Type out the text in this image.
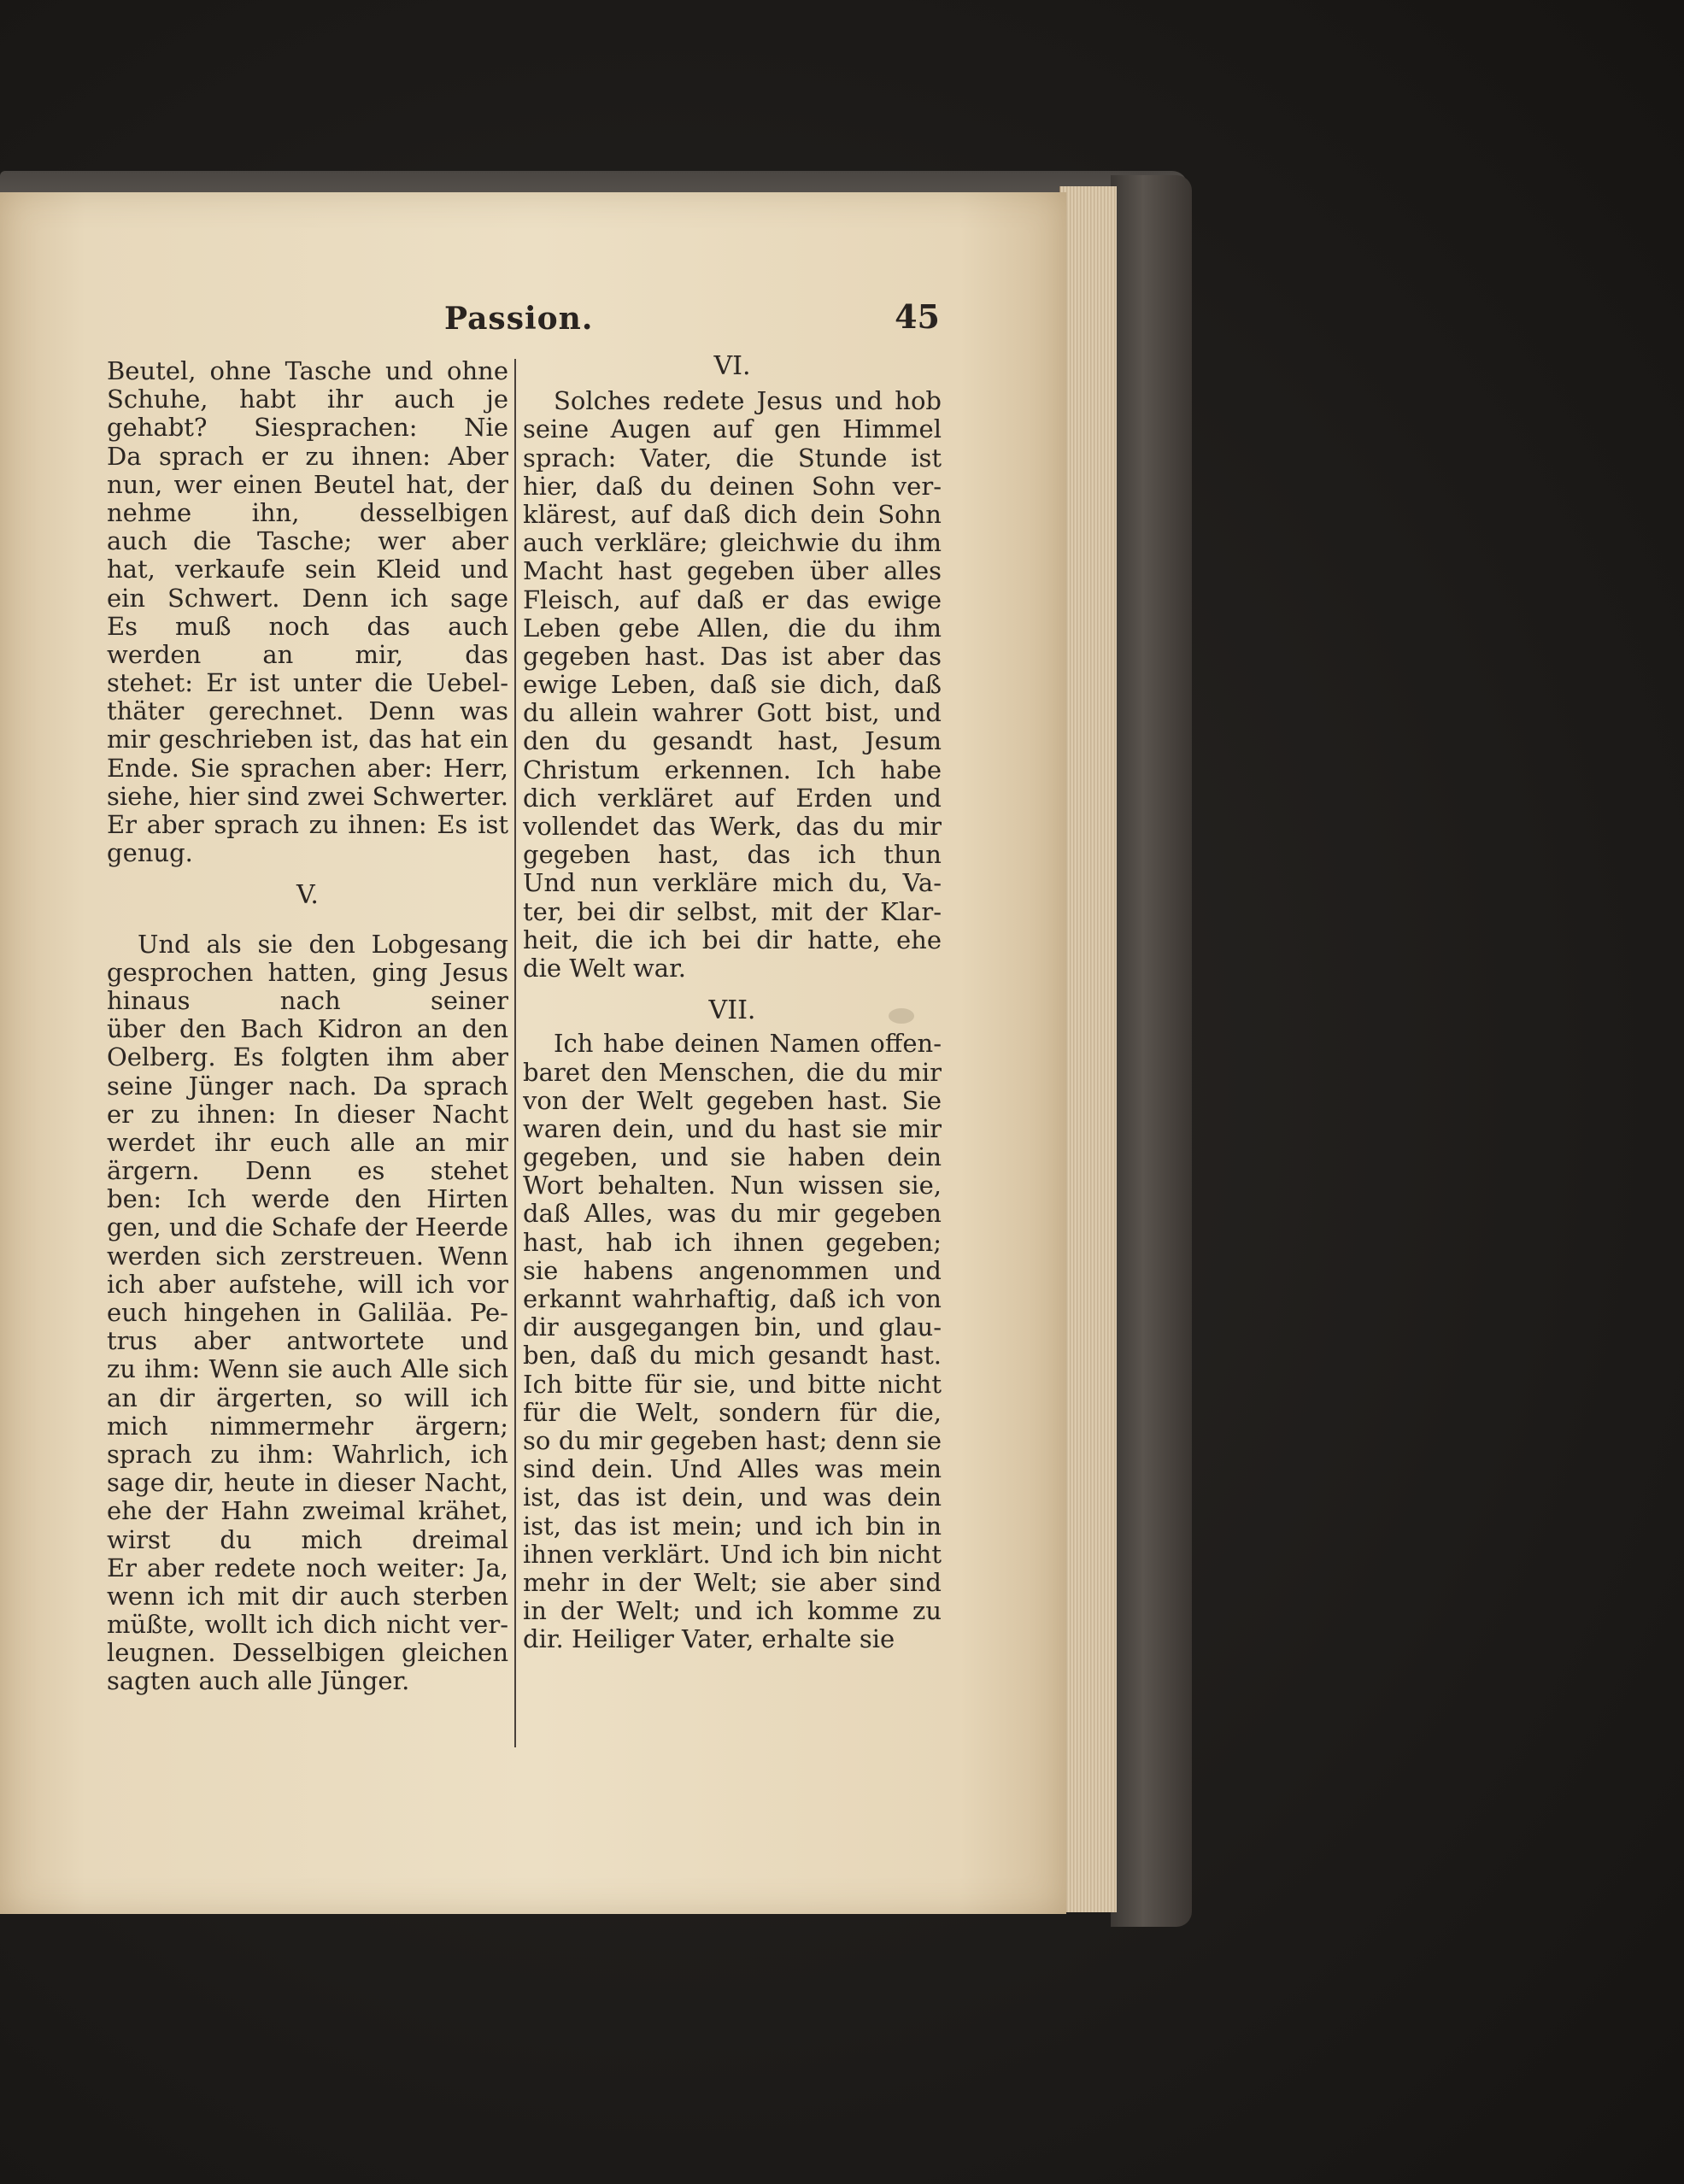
Passion.	45
Beutel, ohne Tasche und ohne
Schuhe, habt ihr auch je
gehabt? Siesprachen: Nie
Da sprach er zu ihnen: Aber
nun, wer einen Beutel hat, der
nehme ihn, desselbigen
auch die Tasche; wer aber
hat, verkaufe sein Kleid und
ein Schwert. Denn ich sage
Es muß noch das auch
werden an mir, das
stehet: Er ist unter die Uebel-
thäter gerechnet. Denn was
mir geschrieben ist, das hat ein
Ende. Sie sprachen aber: Herr,
siehe, hier sind zwei Schwerter.
Er aber sprach zu ihnen: Es ist
genug.
V.
Und als sie den Lobgesang
gesprochen hatten, ging Jesus
hinaus nach seiner
über den Bach Kidron an den
Oelberg. Es folgten ihm aber
seine Jünger nach. Da sprach
er zu ihnen: In dieser Nacht
werdet ihr euch alle an mir
ärgern. Denn es stehet
ben: Ich werde den Hirten
gen, und die Schafe der Heerde
werden sich zerstreuen. Wenn
ich aber aufstehe, will ich vor
euch hingehen in Galiläa. Pe-
trus aber antwortete und
zu ihm: Wenn sie auch Alle sich
an dir ärgerten, so will ich
mich nimmermehr ärgern;
sprach zu ihm: Wahrlich, ich
sage dir, heute in dieser Nacht,
ehe der Hahn zweimal krähet,
wirst du mich dreimal
Er aber redete noch weiter: Ja,
wenn ich mit dir auch sterben
müßte, wollt ich dich nicht ver-
leugnen. Desselbigen gleichen
sagten auch alle Jünger.
VI.
Solches redete Jesus und hob
seine Augen auf gen Himmel
sprach: Vater, die Stunde ist
hier, daß du deinen Sohn ver-
klärest, auf daß dich dein Sohn
auch verkläre; gleichwie du ihm
Macht hast gegeben über alles
Fleisch, auf daß er das ewige
Leben gebe Allen, die du ihm
gegeben hast. Das ist aber das
ewige Leben, daß sie dich, daß
du allein wahrer Gott bist, und
den du gesandt hast, Jesum
Christum erkennen. Ich habe
dich verkläret auf Erden und
vollendet das Werk, das du mir
gegeben hast, das ich thun
Und nun verkläre mich du, Va-
ter, bei dir selbst, mit der Klar-
heit, die ich bei dir hatte, ehe
die Welt war.
VII.
Ich habe deinen Namen offen-
baret den Menschen, die du mir
von der Welt gegeben hast. Sie
waren dein, und du hast sie mir
gegeben, und sie haben dein
Wort behalten. Nun wissen sie,
daß Alles, was du mir gegeben
hast, hab ich ihnen gegeben;
sie habens angenommen und
erkannt wahrhaftig, daß ich von
dir ausgegangen bin, und glau-
ben, daß du mich gesandt hast.
Ich bitte für sie, und bitte nicht
für die Welt, sondern für die,
so du mir gegeben hast; denn sie
sind dein. Und Alles was mein
ist, das ist dein, und was dein
ist, das ist mein; und ich bin in
ihnen verklärt. Und ich bin nicht
mehr in der Welt; sie aber sind
in der Welt; und ich komme zu
dir. Heiliger Vater, erhalte sie
